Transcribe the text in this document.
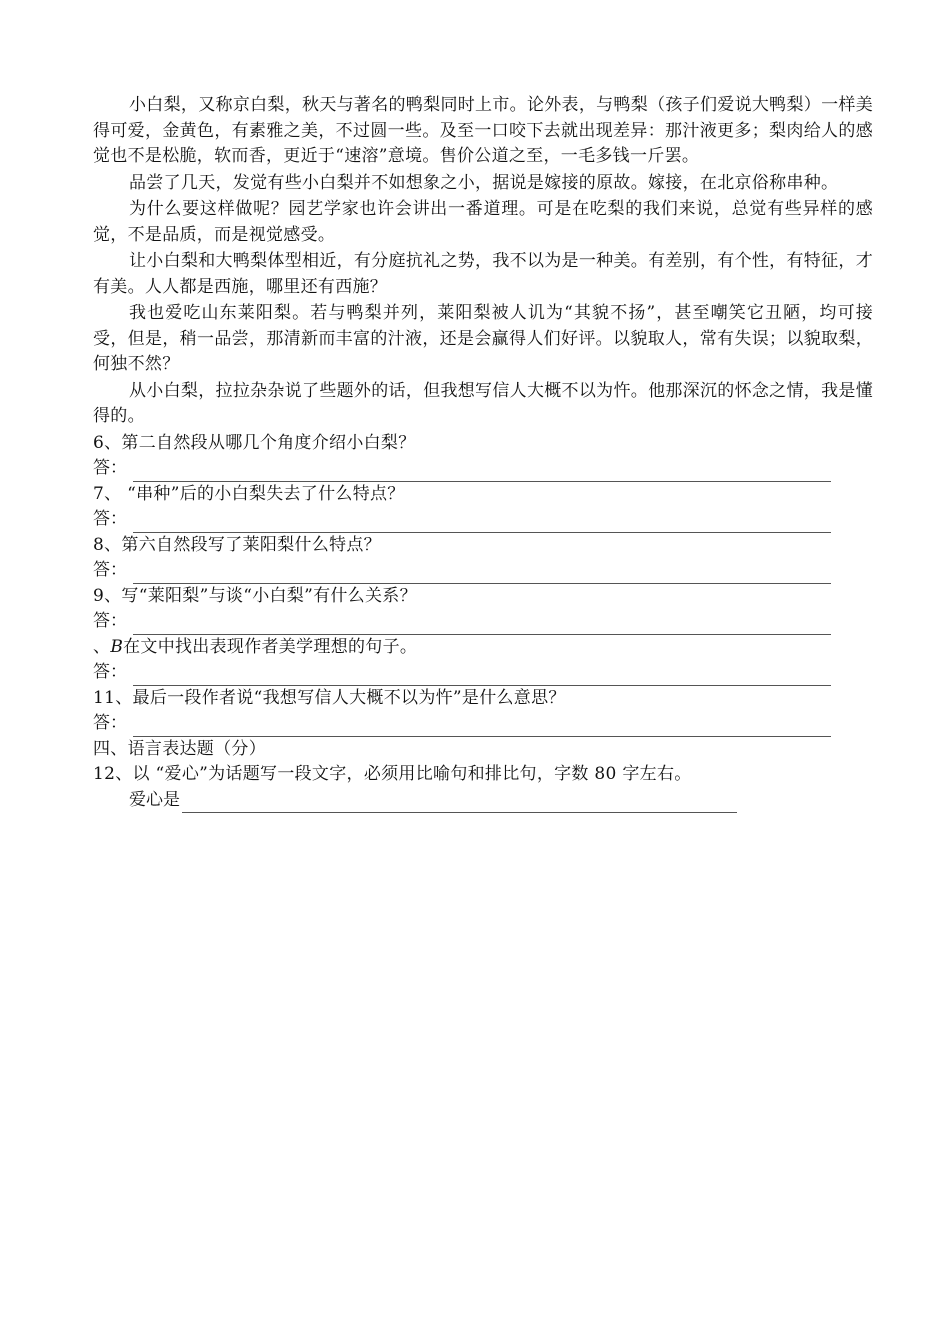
小白梨，又称京白梨，秋天与著名的鸭梨同时上市。论外表，与鸭梨（孩子们爱说大鸭梨）一样美得可爱，金黄色，有素雅之美，不过圆一些。及至一口咬下去就出现差异：那汁液更多；梨肉给人的感觉也不是松脆，软而香，更近于“速溶”意境。售价公道之至，一毛多钱一斤罢。

品尝了几天，发觉有些小白梨并不如想象之小，据说是嫁接的原故。嫁接，在北京俗称串种。

为什么要这样做呢？园艺学家也许会讲出一番道理。可是在吃梨的我们来说，总觉有些异样的感觉，不是品质，而是视觉感受。

让小白梨和大鸭梨体型相近，有分庭抗礼之势，我不以为是一种美。有差别，有个性，有特征，才有美。人人都是西施，哪里还有西施？

我也爱吃山东莱阳梨。若与鸭梨并列，莱阳梨被人讥为“其貌不扬”，甚至嘲笑它丑陋，均可接受，但是，稍一品尝，那清新而丰富的汁液，还是会赢得人们好评。以貌取人，常有失误；以貌取梨，何独不然？

从小白梨，拉拉杂杂说了些题外的话，但我想写信人大概不以为忤。他那深沉的怀念之情，我是懂得的。

6、第二自然段从哪几个角度介绍小白梨？

答：

7、 “串种”后的小白梨失去了什么特点？

答：

8、第六自然段写了莱阳梨什么特点？

答：

9、写“莱阳梨”与谈“小白梨”有什么关系？

答：

、B在文中找出表现作者美学理想的句子。

答：

11、最后一段作者说“我想写信人大概不以为忤”是什么意思？

答：

四、语言表达题（分）

12、以 “爱心”为话题写一段文字，必须用比喻句和排比句，字数 80 字左右。

爱心是
